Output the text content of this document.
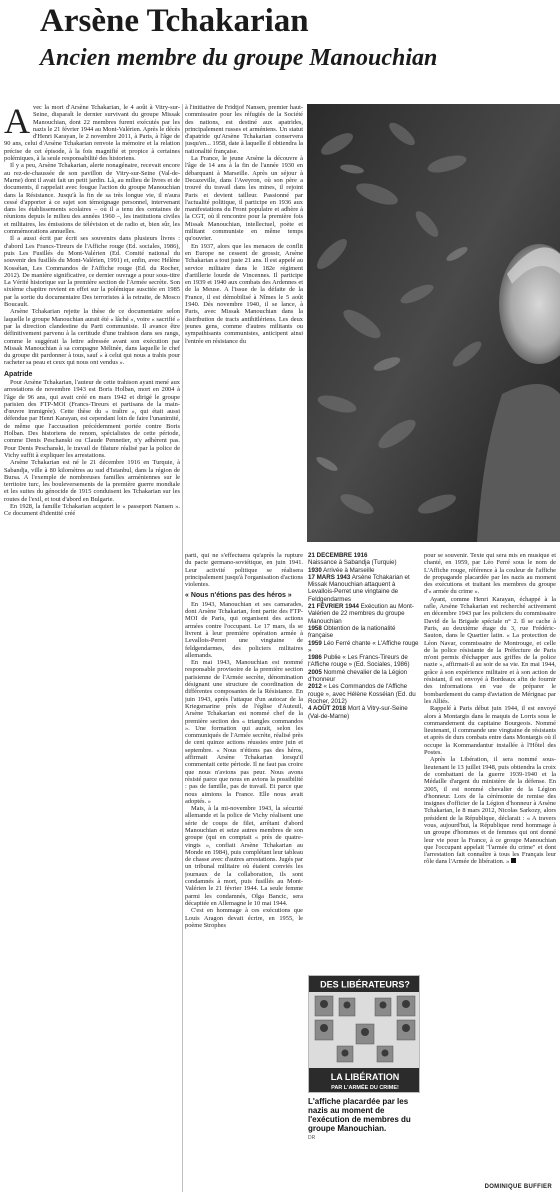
Arsène Tchakarian
Ancien membre du groupe Manouchian

Avec la mort d'Arsène Tchakarian, le 4 août à Vitry-sur-Seine, disparaît le dernier survivant du groupe Missak Manouchian, dont 22 membres furent exécutés par les nazis le 21 février 1944 au Mont-Valérien. Après le décès d'Henri Karayan, le 2 novembre 2011, à Paris, à l'âge de 90 ans, celui d'Arsène Tchakarian renvoie la mémoire et la relation précise de cet épisode, à la fois magnifié et propice à certaines polémiques, à la seule responsabilité des historiens.

Il y a peu, Arsène Tchakarian, alerte nonagénaire, recevait encore au rez-de-chaussée de son pavillon de Vitry-sur-Seine (Val-de-Marne) dont il avait fait un petit jardin. Là, au milieu de livres et de documents, il rappelait avec fougue l'action du groupe Manouchian dans la Résistance. Jusqu'à la fin de sa très longue vie, il n'aura cessé d'apporter à ce sujet son témoignage personnel, intervenant dans les établissements scolaires – où il a tenu des centaines de réunions depuis le milieu des années 1960 –, les institutions civiles et militaires, les émissions de télévision et de radio et, bien sûr, les commémorations annuelles.

Il a aussi écrit par écrit ses souvenirs dans plusieurs livres : d'abord Les Francs-Tireurs de l'Affiche rouge (Ed. sociales, 1986), puis Les Fusillés du Mont-Valérien (Ed. Comité national du souvenir des fusillés du Mont-Valérien, 1991) et, enfin, avec Hélène Kosséian, Les Commandos de l'Affiche rouge (Ed. du Rocher, 2012). De manière significative, ce dernier ouvrage a pour sous-titre La Vérité historique sur la première section de l'Armée secrète. Son sixième chapitre revient en effet sur la polémique suscitée en 1985 par la sortie du documentaire Des terroristes à la retraite, de Mosco Boucault.

Arsène Tchakarian rejette la thèse de ce documentaire selon laquelle le groupe Manouchian aurait été « lâché », voire « sacrifié » par la direction clandestine du Parti communiste. Il avance être définitivement parvenu à la certitude d'une trahison dans ses rangs, comme le suggérait la lettre adressée avant son exécution par Missak Manouchian à sa compagne Mélinée, dans laquelle le chef du groupe dit pardonner à tous, sauf « à celui qui nous a trahis pour racheter sa peau et ceux qui nous ont vendus ».

Apatride

Pour Arsène Tchakarian, l'auteur de cette trahison ayant mené aux arrestations de novembre 1943 est Boris Holban, mort en 2004 à l'âge de 96 ans, qui avait créé en mars 1942 et dirigé le groupe parisien des FTP-MOI (Francs-Tireurs et partisans de la main-d'œuvre immigrée). Cette thèse du « traître », qui était aussi défendue par Henri Karayan, est cependant loin de faire l'unanimité, de même que l'accusation précédemment portée contre Boris Holban. Des historiens de renom, spécialistes de cette période, comme Denis Peschanski ou Claude Pennetier, n'y adhèrent pas. Pour Denis Peschanski, le travail de filature réalisé par la police de Vichy suffit à expliquer les arrestations.

Arsène Tchakarian est né le 21 décembre 1916 en Turquie, à Sabandja, ville à 80 kilomètres au sud d'Istanbul, dans la région de Bursa. A l'exemple de nombreuses familles arméniennes sur le territoire turc, les bouleversements de la première guerre mondiale et les suites du génocide de 1915 conduisent les Tchakarian sur les routes de l'exil, et tout d'abord en Bulgarie.

En 1928, la famille Tchakarian acquiert le « passeport Nansen ». Ce document d'identité créé

à l'initiative de Fridtjof Nansen, premier haut-commissaire pour les réfugiés de la Société des nations, est destiné aux apatrides, principalement russes et arméniens. Un statut d'apatride qu'Arsène Tchakarian conservera jusqu'en... 1958, date à laquelle il obtiendra la nationalité française.

La France, le jeune Arsène la découvre à l'âge de 14 ans à la fin de l'année 1930 en débarquant à Marseille. Après un séjour à Decazeville, dans l'Aveyron, où son père a trouvé du travail dans les mines, il rejoint Paris et devient tailleur. Passionné par l'actualité politique, il participe en 1936 aux manifestations du Front populaire et adhère à la CGT, où il rencontre pour la première fois Missak Manouchian, intellectuel, poète et militant communiste en même temps qu'ouvrier.

En 1937, alors que les menaces de conflit en Europe ne cessent de grossir, Arsène Tchakarian a tout juste 21 ans. Il est appelé au service militaire dans le 182e régiment d'artillerie lourde de Vincennes. Il participe en 1939 et 1940 aux combats des Ardennes et de la Meuse. A l'issue de la défaite de la France, il est démobilisé à Nîmes le 5 août 1940. Dès novembre 1940, il se lance, à Paris, avec Missak Manouchian dans la distribution de tracts antihitlériens. Les deux jeunes gens, comme d'autres militants ou sympathisants communistes, anticipent ainsi l'entrée en résistance du

parti, qui ne s'effectuera qu'après la rupture du pacte germano-soviétique, en juin 1941. Leur activité politique se réalisera principalement jusqu'à l'organisation d'actions violentes.

« Nous n'étions pas des héros »

En 1943, Manouchian et ses camarades, dont Arsène Tchakarian, font partie des FTP-MOI de Paris, qui organisent des actions armées contre l'occupant. Le 17 mars, ils se livrent à leur première opération armée à Levallois-Perret une vingtaine de feldgendarmes, des policiers militaires allemands.

En mai 1943, Manouchian est nommé responsable provisoire de la première section parisienne de l'Armée secrète, dénomination désignant une structure de coordination de différentes composantes de la Résistance. En juin 1943, après l'attaque d'un autocar de la Kriegsmarine près de l'église d'Auteuil, Arsène Tchakarian est nommé chef de la première section des « triangles commandos ». Une formation qui aurait, selon les communiqués de l'Armée secrète, réalisé près de cent quinze actions réussies entre juin et septembre. « Nous n'étions pas des héros, affirmait Arsène Tchakarian lorsqu'il commentait cette période. Il ne faut pas croire que nous n'avions pas peur. Nous avons résisté parce que nous en avions la possibilité : pas de famille, pas de travail. Et parce que nous aimions la France. Elle nous avait adoptés. »

Mais, à la mi-novembre 1943, la sécurité allemande et la police de Vichy réalisent une série de coups de filet, arrêtant d'abord Manouchian et seize autres membres de son groupe (qui en comptait « près de quatre-vingts », confiait Arsène Tchakarian au Monde en 1984), puis complétant leur tableau de chasse avec d'autres arrestations. Jugés par un tribunal militaire où étaient conviés les journaux de la collaboration, ils sont condamnés à mort, puis fusillés au Mont-Valérien le 21 février 1944. La seule femme parmi les condamnés, Olga Bancic, sera décapitée en Allemagne le 10 mai 1944.

C'est en hommage à ces exécutions que Louis Aragon devait écrire, en 1955, le poème Strophes

21 DÉCEMBRE 1916
Naissance à Sabandja (Turquie)
1930 Arrivée à Marseille
17 MARS 1943 Arsène Tchakarian et Missak Manouchian attaquent à Levallois-Perret une vingtaine de Feldgendarmes
21 FÉVRIER 1944 Exécution au Mont-Valérien de 22 membres du groupe Manouchian
1958 Obtention de la nationalité française
1959 Léo Ferré chante « L'Affiche rouge »
1986 Publie « Les Francs-Tireurs de l'Affiche rouge » (Ed. Sociales, 1986)
2005 Nommé chevalier de la Légion d'honneur
2012 « Les Commandos de l'Affiche rouge », avec Hélène Kosséian (Ed. du Rocher, 2012)
4 AOÛT 2018 Mort à Vitry-sur-Seine (Val-de-Marne)
DES LIBÉRATEURS?
LA LIBÉRATION
PAR L'ARMÉE DU CRIME!
L'affiche placardée par les nazis au moment de l'exécution de membres du groupe Manouchian.
DR

pour se souvenir. Texte qui sera mis en musique et chanté, en 1959, par Léo Ferré sous le nom de L'Affiche rouge, référence à la couleur de l'affiche de propagande placardée par les nazis au moment des exécutions et traitant les membres du groupe d'« armée du crime ».

Ayant, comme Henri Karayan, échappé à la rafle, Arsène Tchakarian est recherché activement en décembre 1943 par les policiers du commissaire David de la Brigade spéciale n° 2. Il se cache à Paris, au deuxième étage du 3, rue Frédéric-Sauton, dans le Quartier latin. « La protection de Léon Navar, commissaire de Montrouge, et celle de la police résistante de la Préfecture de Paris m'ont permis d'échapper aux griffes de la police nazie », affirmait-il au soir de sa vie. En mai 1944, grâce à son expérience militaire et à son action de résistant, il est envoyé à Bordeaux afin de fournir des informations en vue de préparer le bombardement du camp d'aviation de Mérignac par les Alliés.

Rappelé à Paris début juin 1944, il est envoyé alors à Montargis dans le maquis de Lorris sous le commandement du capitaine Bourgeois. Nommé lieutenant, il commande une vingtaine de résistants et après de durs combats entre dans Montargis où il occupe la Kommandantur installée à l'Hôtel des Postes.

Après la Libération, il sera nommé sous-lieutenant le 13 juillet 1948, puis obtiendra la croix de combattant de la guerre 1939-1940 et la Médaille d'argent du ministère de la défense. En 2005, il est nommé chevalier de la Légion d'honneur. Lors de la cérémonie de remise des insignes d'officier de la Légion d'honneur à Arsène Tchakarian, le 8 mars 2012, Nicolas Sarkozy, alors président de la République, déclarait : « A travers vous, aujourd'hui, la République rend hommage à un groupe d'hommes et de femmes qui ont donné leur vie pour la France, à ce groupe Manouchian que l'occupant appelait "l'armée du crime" et dont l'arrestation fait connaître à tous les Français leur rôle dans l'Armée de libération. »

DOMINIQUE BUFFIER
